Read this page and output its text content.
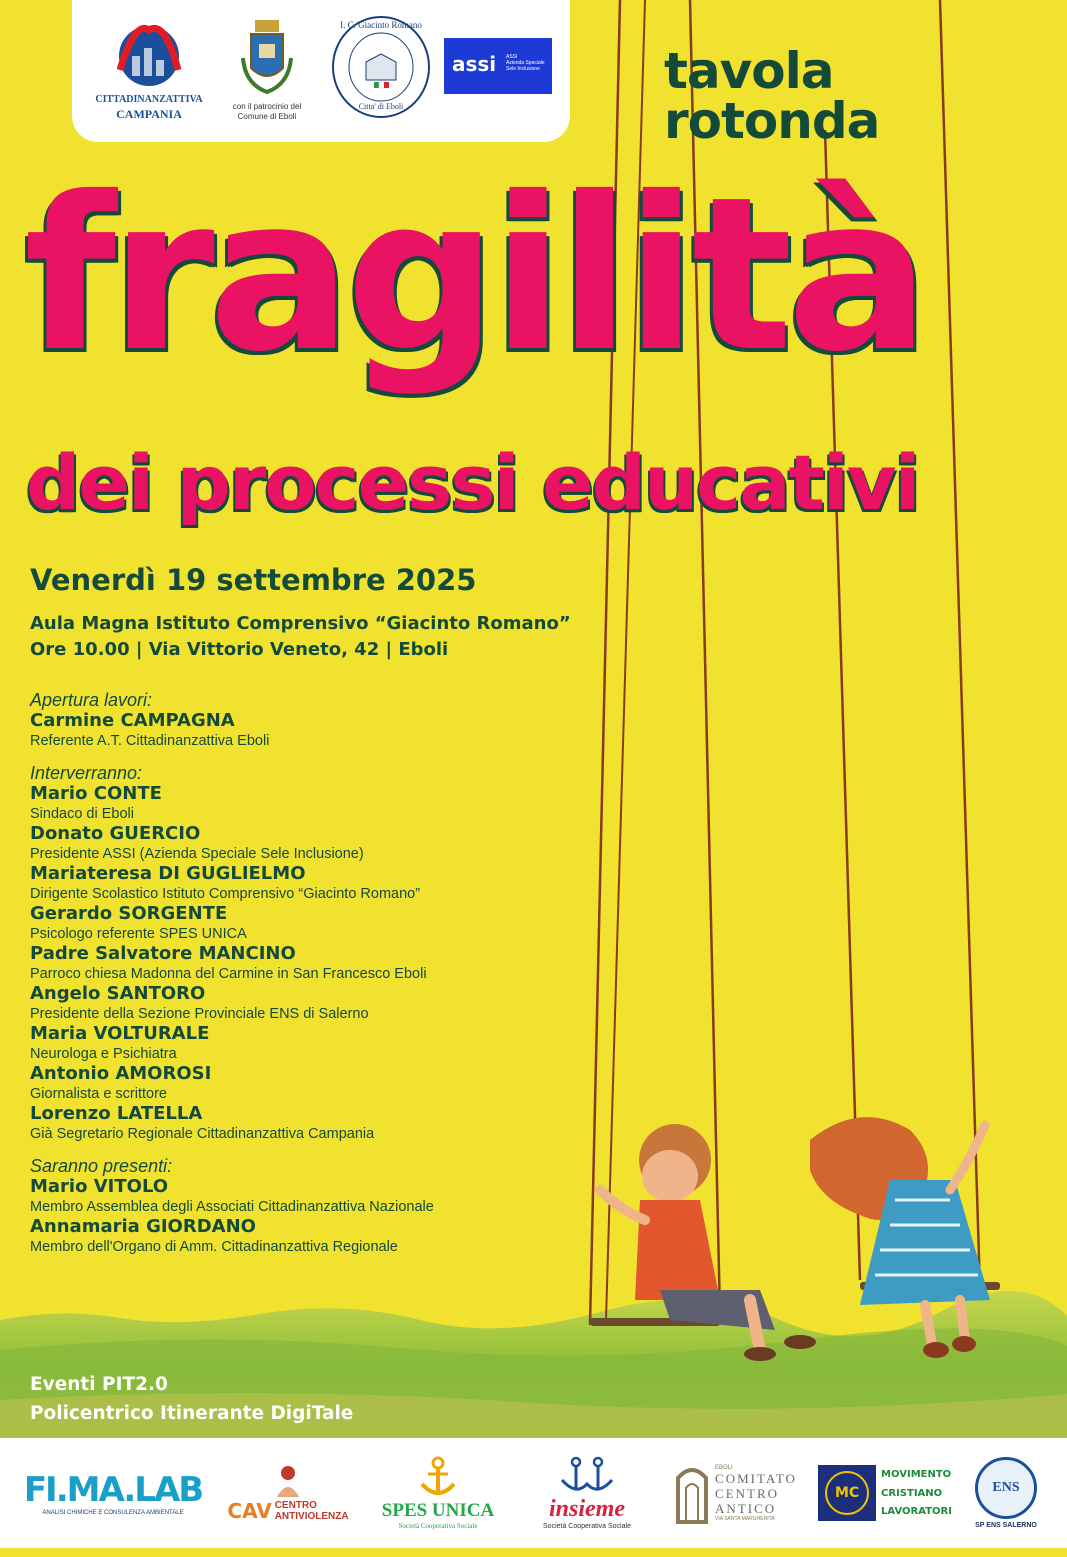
CITTADINANZATTIVA
CAMPANIA
con il patrocinio del
Comune di Eboli
I. C. Giacinto Romano
Citta' di Eboli
assi ASSI
Azienda Speciale
Sele Inclusione tavola
rotonda
fragilità
dei processi educativi
Venerdì 19 settembre 2025
Aula Magna Istituto Comprensivo “Giacinto Romano”
Ore 10.00 | Via Vittorio Veneto, 42 | Eboli
Apertura lavori:
Carmine CAMPAGNA
Referente A.T. Cittadinanzattiva Eboli
Interverranno:
Mario CONTE
Sindaco di Eboli
Donato GUERCIO
Presidente ASSI (Azienda Speciale Sele Inclusione)
Mariateresa DI GUGLIELMO
Dirigente Scolastico Istituto Comprensivo “Giacinto Romano”
Gerardo SORGENTE
Psicologo referente SPES UNICA
Padre Salvatore MANCINO
Parroco chiesa Madonna del Carmine in San Francesco Eboli
Angelo SANTORO
Presidente della Sezione Provinciale ENS di Salerno
Maria VOLTURALE
Neurologa e Psichiatra
Antonio AMOROSI
Giornalista e scrittore
Lorenzo LATELLA
Già Segretario Regionale Cittadinanzattiva Campania
Saranno presenti:
Mario VITOLO
Membro Assemblea degli Associati Cittadinanzattiva Nazionale
Annamaria GIORDANO
Membro dell'Organo di Amm. Cittadinanzattiva Regionale
Eventi PIT2.0
Policentrico Itinerante DigiTale
FI.MA.LAB
ANALISI CHIMICHE E CONSULENZA AMBIENTALE CAV CENTRO
ANTIVIOLENZA SPES UNICA
Società Cooperativa Sociale
insieme
Società Cooperativa Sociale
EBOLI
COMITATO
CENTRO
ANTICO
VIA SANTA MARGHERITA
MC
MOVIMENTO
CRISTIANO
LAVORATORI
ENS
SP ENS SALERNO
